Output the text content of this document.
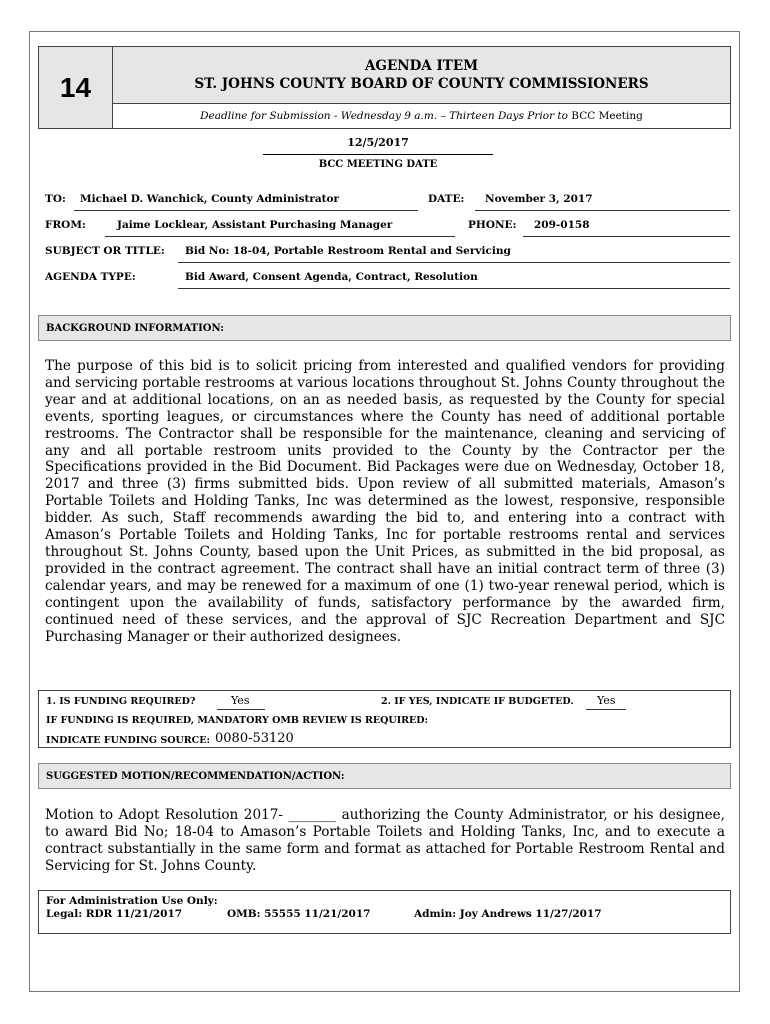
14
AGENDA ITEM
ST. JOHNS COUNTY BOARD OF COUNTY COMMISSIONERS
Deadline for Submission - Wednesday 9 a.m. – Thirteen Days Prior to BCC Meeting
12/5/2017
BCC MEETING DATE
TO: Michael D. Wanchick, County Administrator	DATE: November 3, 2017
FROM:	Jaime Locklear, Assistant Purchasing Manager	PHONE: 209-0158
SUBJECT OR TITLE: Bid No: 18-04, Portable Restroom Rental and Servicing
AGENDA TYPE:	Bid Award, Consent Agenda, Contract, Resolution
BACKGROUND INFORMATION:
The purpose of this bid is to solicit pricing from interested and qualified vendors for providing and servicing portable restrooms at various locations throughout St. Johns County throughout the year and at additional locations, on an as needed basis, as requested by the County for special events, sporting leagues, or circumstances where the County has need of additional portable restrooms. The Contractor shall be responsible for the maintenance, cleaning and servicing of any and all portable restroom units provided to the County by the Contractor per the Specifications provided in the Bid Document. Bid Packages were due on Wednesday, October 18, 2017 and three (3) firms submitted bids. Upon review of all submitted materials, Amason’s Portable Toilets and Holding Tanks, Inc was determined as the lowest, responsive, responsible bidder. As such, Staff recommends awarding the bid to, and entering into a contract with Amason’s Portable Toilets and Holding Tanks, Inc for portable restrooms rental and services throughout St. Johns County, based upon the Unit Prices, as submitted in the bid proposal, as provided in the contract agreement. The contract shall have an initial contract term of three (3) calendar years, and may be renewed for a maximum of one (1) two-year renewal period, which is contingent upon the availability of funds, satisfactory performance by the awarded firm, continued need of these services, and the approval of SJC Recreation Department and SJC Purchasing Manager or their authorized designees.
1. IS FUNDING REQUIRED?	Yes	2. IF YES, INDICATE IF BUDGETED. Yes
IF FUNDING IS REQUIRED, MANDATORY OMB REVIEW IS REQUIRED:
INDICATE FUNDING SOURCE: 0080-53120
SUGGESTED MOTION/RECOMMENDATION/ACTION:
Motion to Adopt Resolution 2017- _______ authorizing the County Administrator, or his designee, to award Bid No; 18-04 to Amason’s Portable Toilets and Holding Tanks, Inc, and to execute a contract substantially in the same form and format as attached for Portable Restroom Rental and Servicing for St. Johns County.
For Administration Use Only:
Legal: RDR 11/21/2017	OMB: 55555 11/21/2017	Admin: Joy Andrews 11/27/2017
